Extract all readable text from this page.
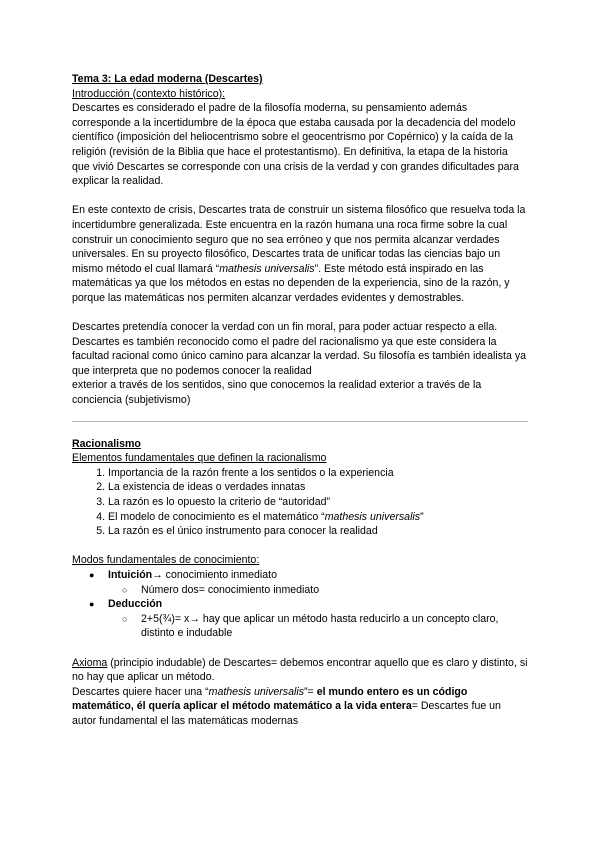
Tema 3: La edad moderna (Descartes)

Introducción (contexto histórico):

Descartes es considerado el padre de la filosofía moderna, su pensamiento además corresponde a la incertidumbre de la época que estaba causada por la decadencia del modelo científico (imposición del heliocentrismo sobre el geocentrismo por Copérnico) y la caída de la religión (revisión de la Biblia que hace el protestantismo). En definitiva, la etapa de la historia que vivió Descartes se corresponde con una crisis de la verdad y con grandes dificultades para explicar la realidad.

En este contexto de crisis, Descartes trata de construir un sistema filosófico que resuelva toda la incertidumbre generalizada. Este encuentra en la razón humana una roca firme sobre la cual construir un conocimiento seguro que no sea erróneo y que nos permita alcanzar verdades universales. En su proyecto filosófico, Descartes trata de unificar todas las ciencias bajo un mismo método el cual llamará “mathesis universalis”. Este método está inspirado en las matemáticas ya que los métodos en estas no dependen de la experiencia, sino de la razón, y porque las matemáticas nos permiten alcanzar verdades evidentes y demostrables.

Descartes pretendía conocer la verdad con un fin moral, para poder actuar respecto a ella. Descartes es también reconocido como el padre del racionalismo ya que este considera la facultad racional como único camino para alcanzar la verdad. Su filosofía es también idealista ya que interpreta que no podemos conocer la realidad
exterior a través de los sentidos, sino que conocemos la realidad exterior a través de la conciencia (subjetivismo)

Racionalismo

Elementos fundamentales que definen la racionalismo

1. Importancia de la razón frente a los sentidos o la experiencia
2. La existencia de ideas o verdades innatas
3. La razón es lo opuesto la criterio de “autoridad”
4. El modelo de conocimiento es el matemático “mathesis universalis”
5. La razón es el único instrumento para conocer la realidad

Modos fundamentales de conocimiento:

● Intuición→ conocimiento inmediato
○ Número dos= conocimiento inmediato
● Deducción
○ 2+5(¾)= x→ hay que aplicar un método hasta reducirlo a un concepto claro, distinto e indudable

Axioma (principio indudable) de Descartes= debemos encontrar aquello que es claro y distinto, si no hay que aplicar un método.

Descartes quiere hacer una “mathesis universalis”= el mundo entero es un código matemático, él quería aplicar el método matemático a la vida entera= Descartes fue un autor fundamental el las matemáticas modernas
